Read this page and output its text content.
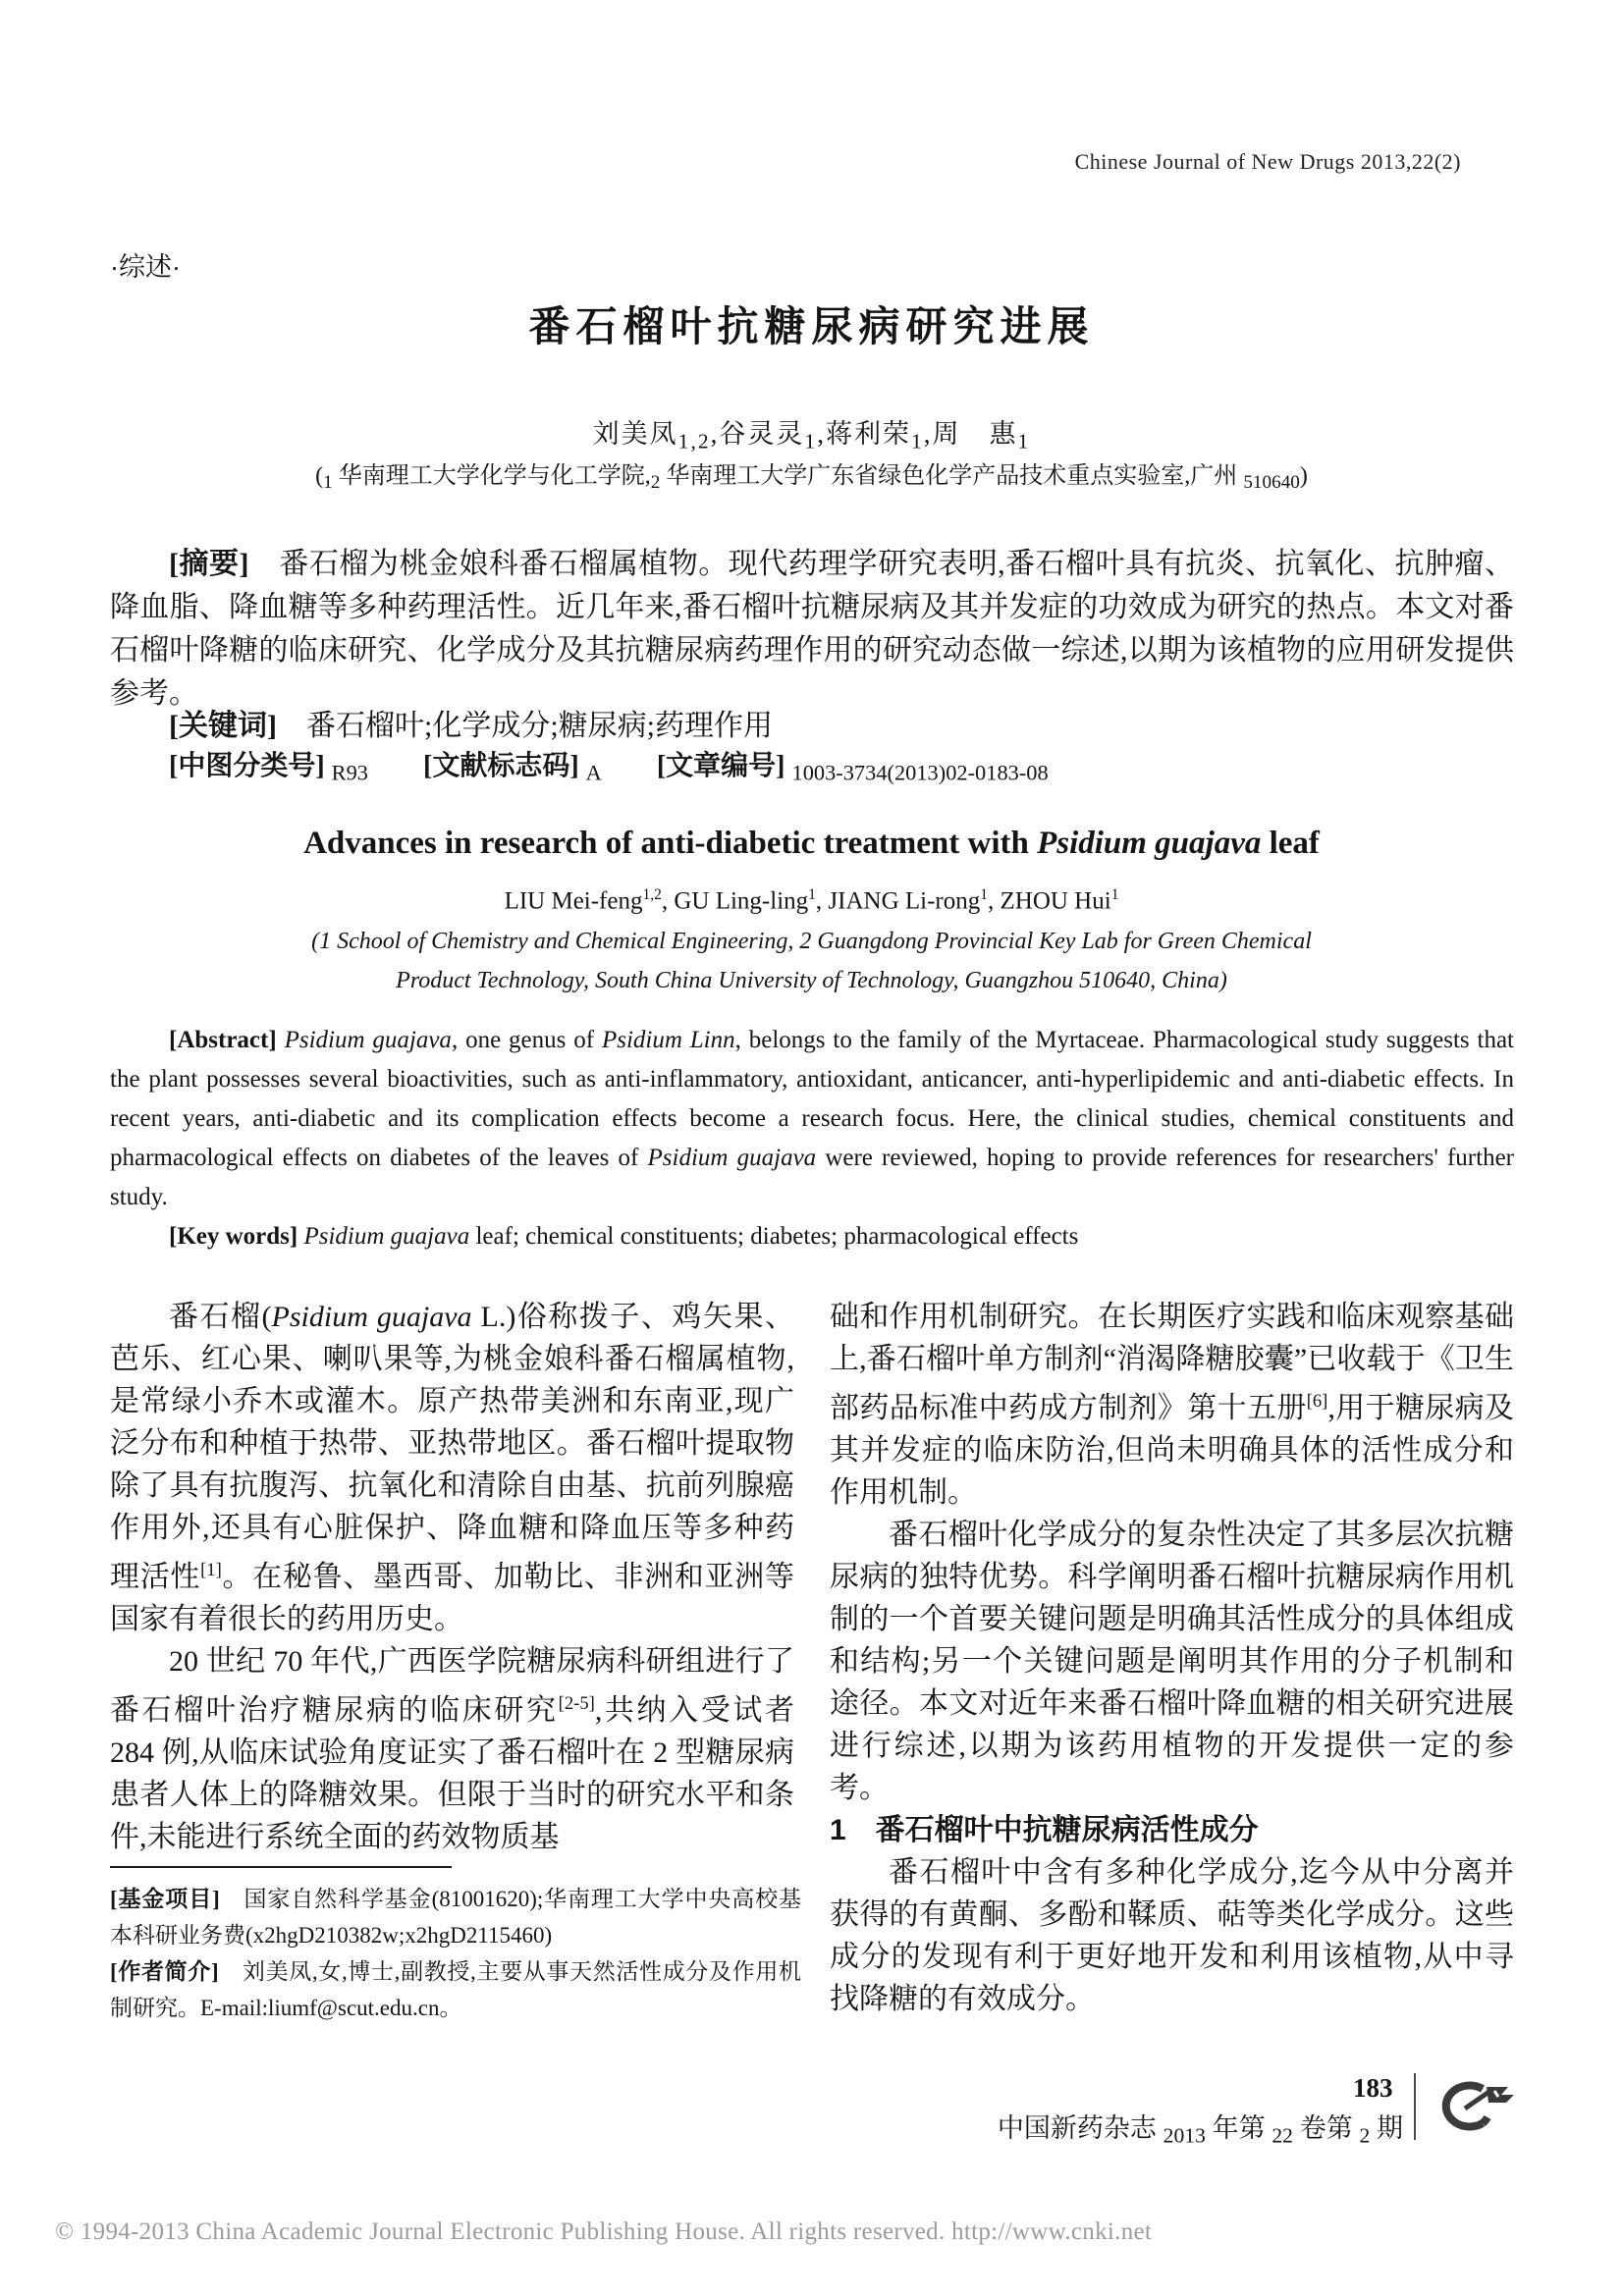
Chinese Journal of New Drugs 2013,22(2)
·综述·
番石榴叶抗糖尿病研究进展
刘美凤$_{1,2}$,谷灵灵$_1$,蒋利荣$_1$,周　惠$_1$
(1 华南理工大学化学与化工学院,2 华南理工大学广东省绿色化学产品技术重点实验室,广州 510640)
[摘要]　番石榴为桃金娘科番石榴属植物。现代药理学研究表明,番石榴叶具有抗炎、抗氧化、抗肿瘤、降血脂、降血糖等多种药理活性。近几年来,番石榴叶抗糖尿病及其并发症的功效成为研究的热点。本文对番石榴叶降糖的临床研究、化学成分及其抗糖尿病药理作用的研究动态做一综述,以期为该植物的应用研发提供参考。
[关键词]　番石榴叶;化学成分;糖尿病;药理作用
[中图分类号] R93　　 [文献标志码] A　　 [文章编号] 1003-3734(2013)02-0183-08
Advances in research of anti-diabetic treatment with Psidium guajava leaf
LIU Mei-feng$^{1,2}$, GU Ling-ling$^1$, JIANG Li-rong$^1$, ZHOU Hui$^1$
(1 School of Chemistry and Chemical Engineering, 2 Guangdong Provincial Key Lab for Green Chemical
Product Technology, South China University of Technology, Guangzhou 510640, China)
[Abstract] Psidium guajava, one genus of Psidium Linn, belongs to the family of the Myrtaceae. Pharmacological study suggests that the plant possesses several bioactivities, such as anti-inflammatory, antioxidant, anticancer, anti-hyperlipidemic and anti-diabetic effects. In recent years, anti-diabetic and its complication effects become a research focus. Here, the clinical studies, chemical constituents and pharmacological effects on diabetes of the leaves of Psidium guajava were reviewed, hoping to provide references for researchers' further study.
[Key words] Psidium guajava leaf; chemical constituents; diabetes; pharmacological effects

番石榴(Psidium guajava L.)俗称拨子、鸡矢果、芭乐、红心果、喇叭果等,为桃金娘科番石榴属植物,是常绿小乔木或灌木。原产热带美洲和东南亚,现广泛分布和种植于热带、亚热带地区。番石榴叶提取物除了具有抗腹泻、抗氧化和清除自由基、抗前列腺癌作用外,还具有心脏保护、降血糖和降血压等多种药理活性[1]。在秘鲁、墨西哥、加勒比、非洲和亚洲等国家有着很长的药用历史。

20 世纪 70 年代,广西医学院糖尿病科研组进行了番石榴叶治疗糖尿病的临床研究[2-5],共纳入受试者 284 例,从临床试验角度证实了番石榴叶在 2 型糖尿病患者人体上的降糖效果。但限于当时的研究水平和条件,未能进行系统全面的药效物质基

础和作用机制研究。在长期医疗实践和临床观察基础上,番石榴叶单方制剂“消渴降糖胶囊”已收载于《卫生部药品标准中药成方制剂》第十五册[6],用于糖尿病及其并发症的临床防治,但尚未明确具体的活性成分和作用机制。

番石榴叶化学成分的复杂性决定了其多层次抗糖尿病的独特优势。科学阐明番石榴叶抗糖尿病作用机制的一个首要关键问题是明确其活性成分的具体组成和结构;另一个关键问题是阐明其作用的分子机制和途径。本文对近年来番石榴叶降血糖的相关研究进展进行综述,以期为该药用植物的开发提供一定的参考。

1　番石榴叶中抗糖尿病活性成分

番石榴叶中含有多种化学成分,迄今从中分离并获得的有黄酮、多酚和鞣质、萜等类化学成分。这些成分的发现有利于更好地开发和利用该植物,从中寻找降糖的有效成分。

[基金项目]　国家自然科学基金(81001620);华南理工大学中央高校基本科研业务费(x2hgD210382w;x2hgD2115460)

[作者简介]　刘美凤,女,博士,副教授,主要从事天然活性成分及作用机制研究。E-mail:liumf@scut.edu.cn。

183
中国新药杂志 $_{2013}$ 年第 $_{22}$ 卷第 $_2$ 期
© 1994-2013 China Academic Journal Electronic Publishing House. All rights reserved. http://www.cnki.net
